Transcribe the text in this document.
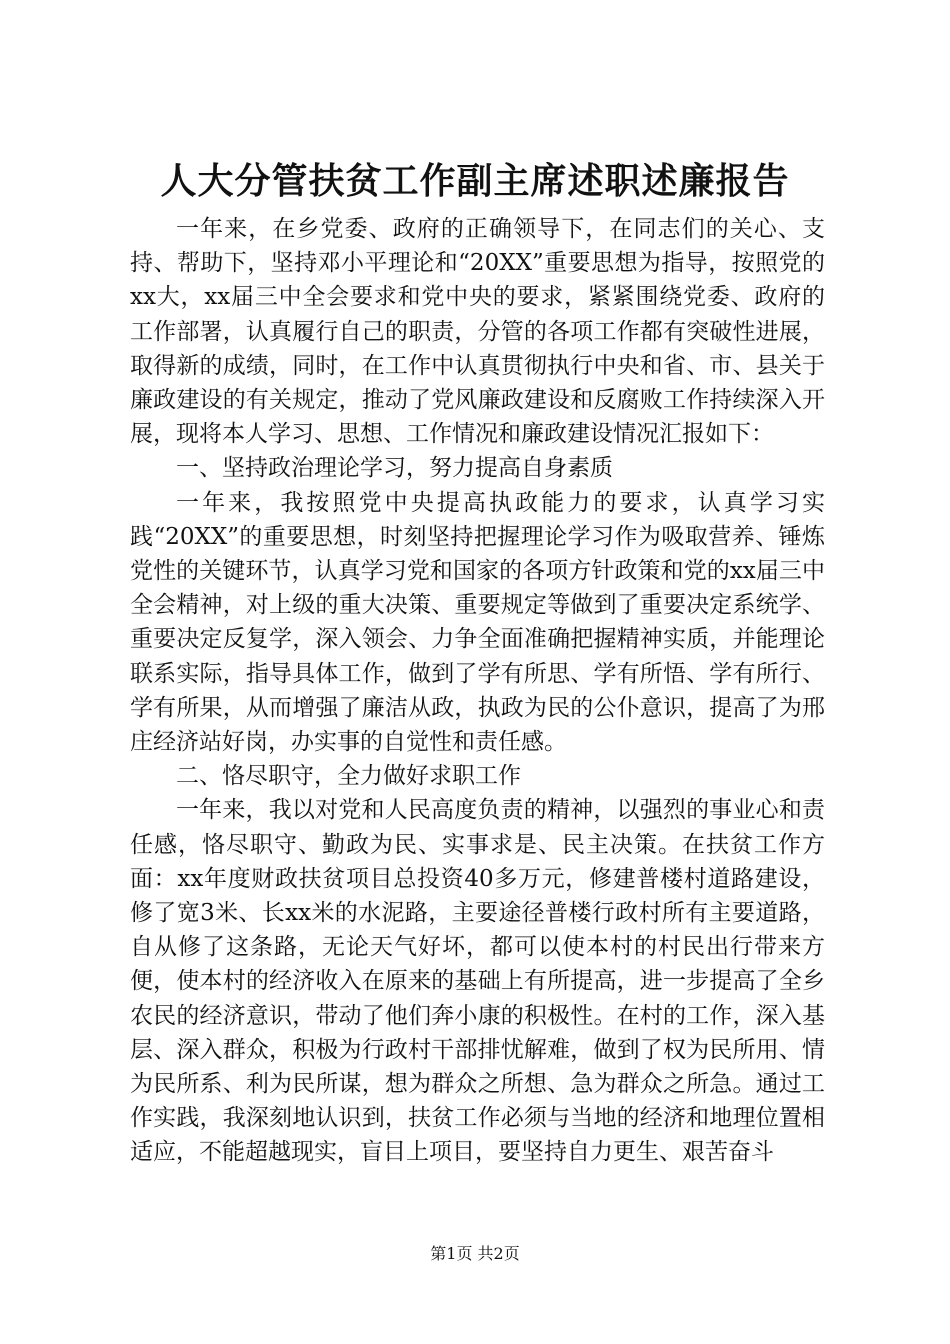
人大分管扶贫工作副主席述职述廉报告

一年来，在乡党委、政府的正确领导下，在同志们的关心、支持、帮助下，坚持邓小平理论和“20XX”重要思想为指导，按照党的xx大，xx届三中全会要求和党中央的要求，紧紧围绕党委、政府的工作部署，认真履行自己的职责，分管的各项工作都有突破性进展，取得新的成绩，同时，在工作中认真贯彻执行中央和省、市、县关于廉政建设的有关规定，推动了党风廉政建设和反腐败工作持续深入开展，现将本人学习、思想、工作情况和廉政建设情况汇报如下：

一、坚持政治理论学习，努力提高自身素质

一年来，我按照党中央提高执政能力的要求，认真学习实践“20XX”的重要思想，时刻坚持把握理论学习作为吸取营养、锤炼党性的关键环节，认真学习党和国家的各项方针政策和党的xx届三中全会精神，对上级的重大决策、重要规定等做到了重要决定系统学、重要决定反复学，深入领会、力争全面准确把握精神实质，并能理论联系实际，指导具体工作，做到了学有所思、学有所悟、学有所行、学有所果，从而增强了廉洁从政，执政为民的公仆意识，提高了为邢庄经济站好岗，办实事的自觉性和责任感。

二、恪尽职守，全力做好求职工作

一年来，我以对党和人民高度负责的精神，以强烈的事业心和责任感，恪尽职守、勤政为民、实事求是、民主决策。在扶贫工作方面：xx年度财政扶贫项目总投资40多万元，修建普楼村道路建设，修了宽3米、长xx米的水泥路，主要途径普楼行政村所有主要道路，自从修了这条路，无论天气好坏，都可以使本村的村民出行带来方便，使本村的经济收入在原来的基础上有所提高，进一步提高了全乡农民的经济意识，带动了他们奔小康的积极性。在村的工作，深入基层、深入群众，积极为行政村干部排忧解难，做到了权为民所用、情为民所系、利为民所谋，想为群众之所想、急为群众之所急。通过工作实践，我深刻地认识到，扶贫工作必须与当地的经济和地理位置相适应，不能超越现实，盲目上项目，要坚持自力更生、艰苦奋斗

第1页 共2页
